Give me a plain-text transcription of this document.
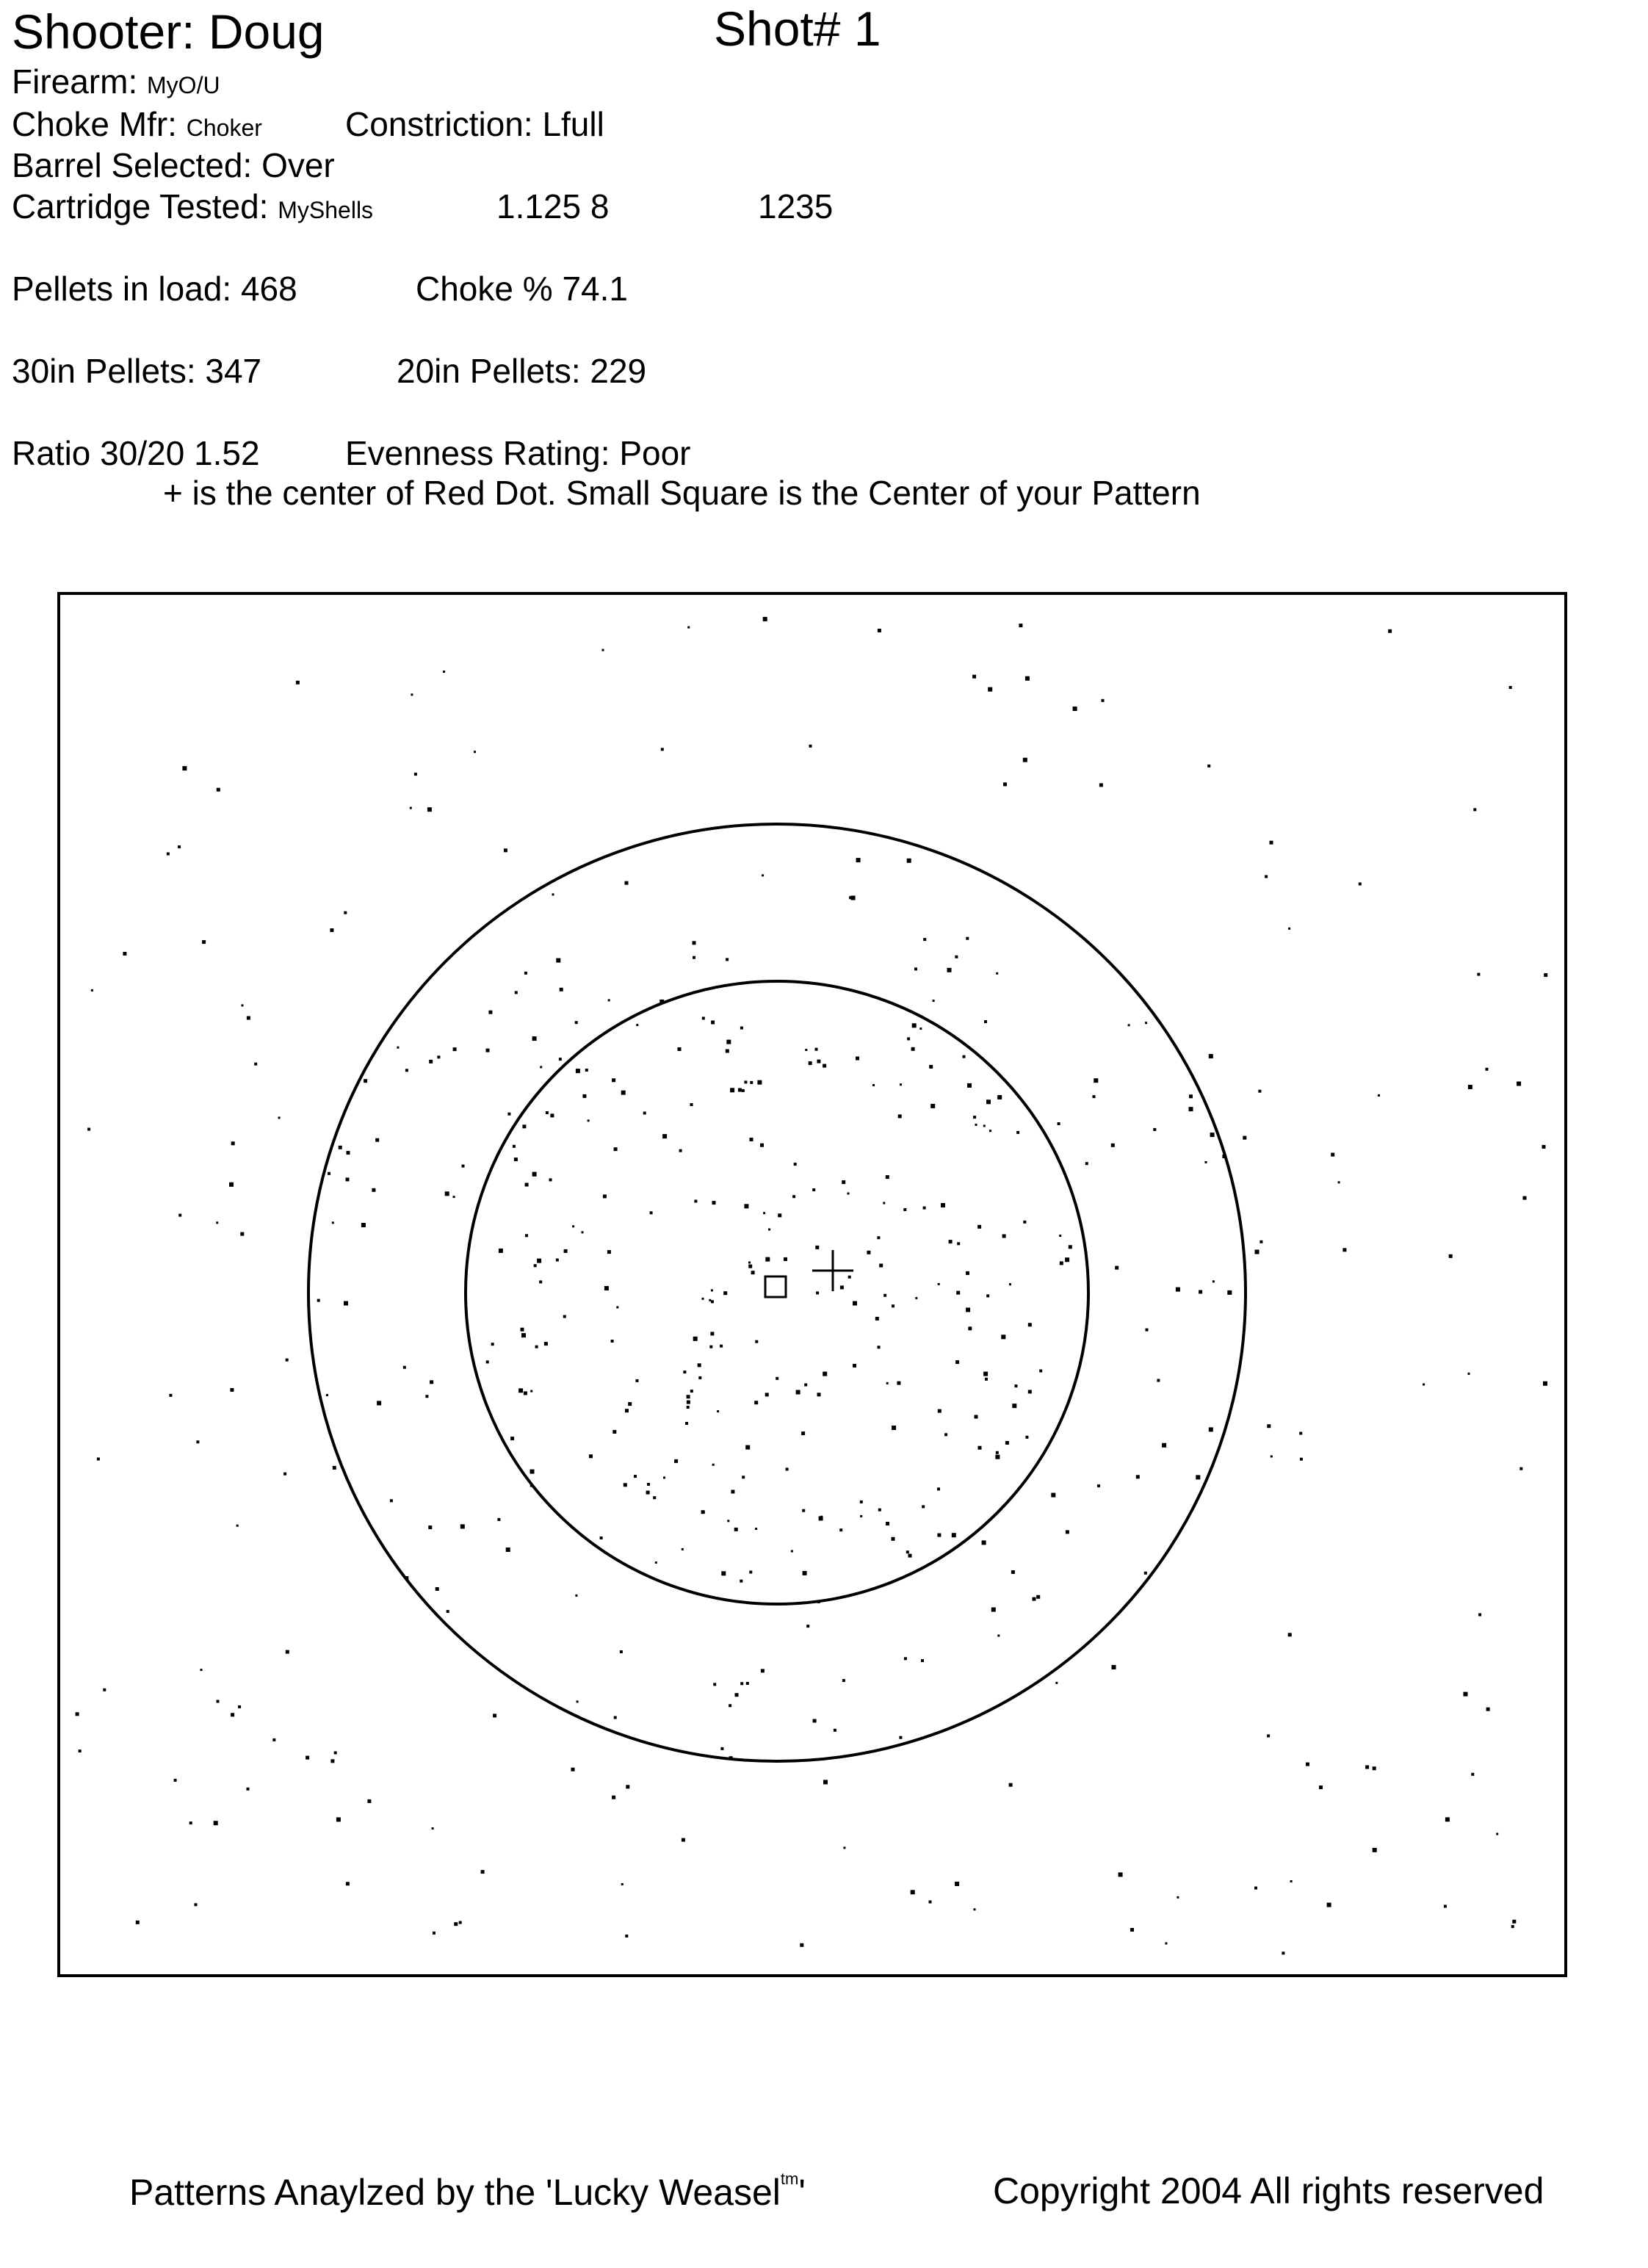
Shooter: Doug	Shot# 1
Firearm: MyO/U
Choke Mfr: Choker Constriction: Lfull
Barrel Selected: Over
Cartridge Tested: MyShells	1.125 8	1235
Pellets in load: 468	Choke % 74.1
30in Pellets: 347	20in Pellets: 229
Ratio 30/20 1.52	Evenness Rating: Poor
+ is the center of Red Dot. Small Square is the Center of your Pattern
Patterns Anaylzed by the 'Lucky Weasel$^{tm}$'	Copyright 2004 All rights reserved
